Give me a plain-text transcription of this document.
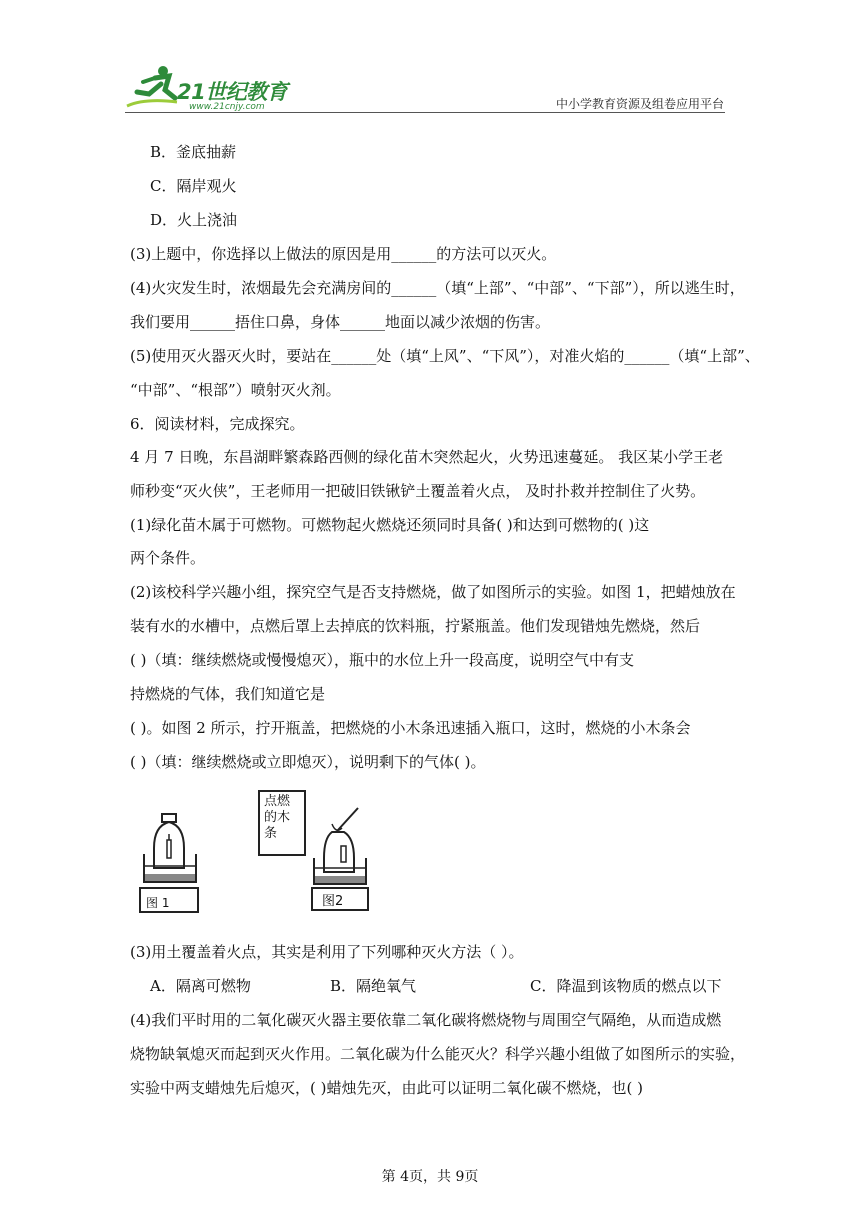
21世纪教育
www.21cnjy.com	中小学教育资源及组卷应用平台
B．釜底抽薪
C．隔岸观火
D．火上浇油
(3)上题中，你选择以上做法的原因是用______的方法可以灭火。
(4)火灾发生时，浓烟最先会充满房间的______（填“上部”、“中部”、“下部”），所以逃生时，
我们要用______捂住口鼻，身体______地面以减少浓烟的伤害。
(5)使用灭火器灭火时，要站在______处（填“上风”、“下风”），对准火焰的______（填“上部”、
“中部”、“根部”）喷射灭火剂。
6．阅读材料，完成探究。
4 月 7 日晚，东昌湖畔繁森路西侧的绿化苗木突然起火，火势迅速蔓延。 我区某小学王老
师秒变“灭火侠”，王老师用一把破旧铁锹铲土覆盖着火点， 及时扑救并控制住了火势。
(1)绿化苗木属于可燃物。可燃物起火燃烧还须同时具备( )和达到可燃物的( )这
两个条件。
(2)该校科学兴趣小组，探究空气是否支持燃烧，做了如图所示的实验。如图 1，把蜡烛放在
装有水的水槽中，点燃后罩上去掉底的饮料瓶，拧紧瓶盖。他们发现错烛先燃烧，然后
( )（填：继续燃烧或慢慢熄灭），瓶中的水位上升一段高度，说明空气中有支
持燃烧的气体，我们知道它是
( )。如图 2 所示，拧开瓶盖，把燃烧的小木条迅速插入瓶口，这时，燃烧的小木条会
( )（填：继续燃烧或立即熄灭），说明剩下的气体( )。
图 1
点燃的木条
图2
(3)用土覆盖着火点，其实是利用了下列哪种灭火方法（ ）。
A．隔离可燃物	B．隔绝氧气	C．降温到该物质的燃点以下
(4)我们平时用的二氧化碳灭火器主要依靠二氧化碳将燃烧物与周围空气隔绝，从而造成燃
烧物缺氧熄灭而起到灭火作用。二氧化碳为什么能灭火？科学兴趣小组做了如图所示的实验，
实验中两支蜡烛先后熄灭，( )蜡烛先灭，由此可以证明二氧化碳不燃烧，也( )
第 4页，共 9页
